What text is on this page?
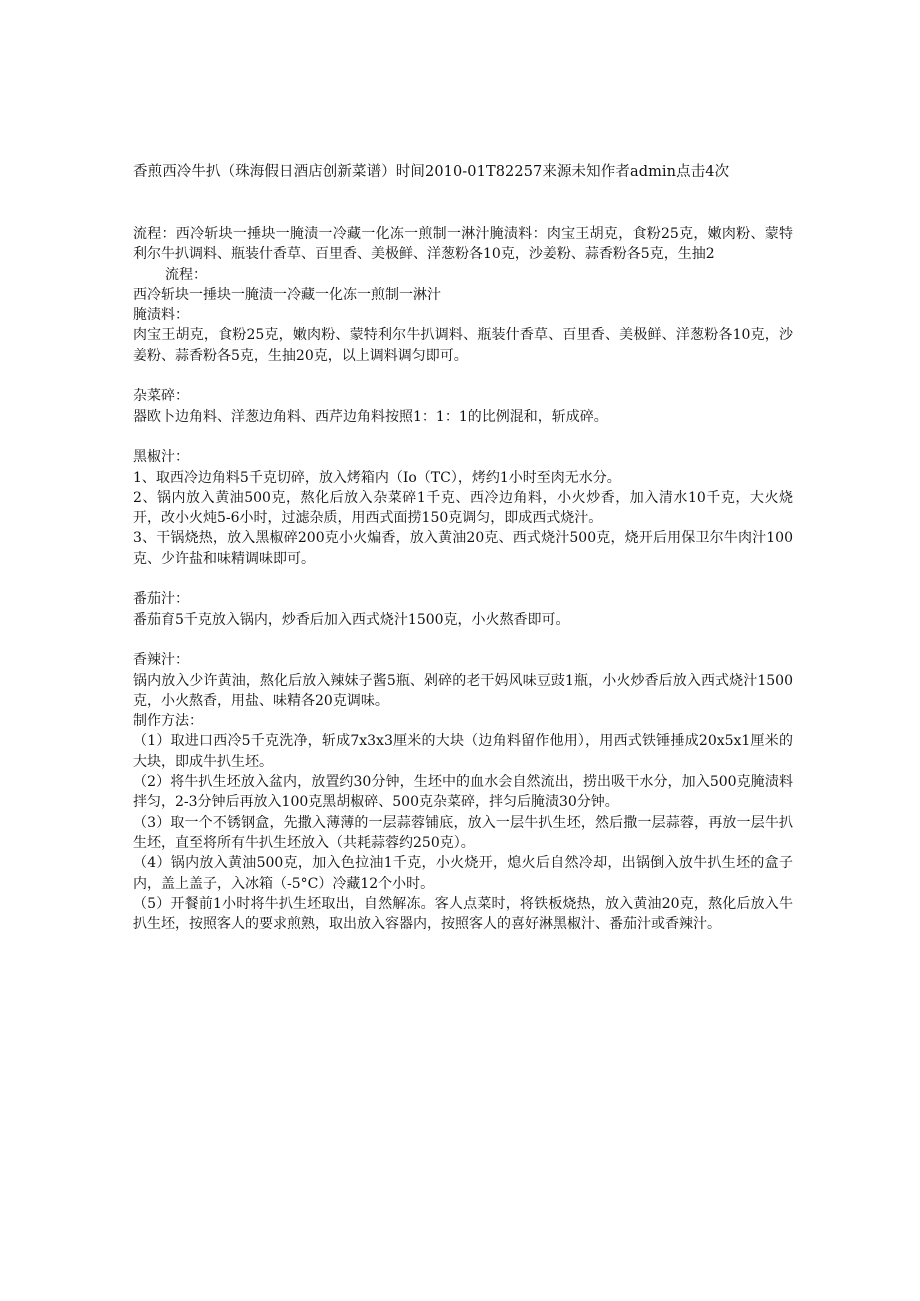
香煎西冷牛扒（珠海假日酒店创新菜谱）时间2010-01T82257来源未知作者admin点击4次

流程：西冷斩块一捶块一腌渍一冷藏一化冻一煎制一淋汁腌渍料：肉宝王胡克，食粉25克，嫩肉粉、蒙特利尔牛扒调料、瓶装什香草、百里香、美极鲜、洋葱粉各10克，沙姜粉、蒜香粉各5克，生抽2

流程：

西冷斩块一捶块一腌渍一冷藏一化冻一煎制一淋汁

腌渍料：

肉宝王胡克，食粉25克，嫩肉粉、蒙特利尔牛扒调料、瓶装什香草、百里香、美极鲜、洋葱粉各10克，沙姜粉、蒜香粉各5克，生抽20克，以上调料调匀即可。

杂菜碎：

器欧卜边角料、洋葱边角料、西芹边角料按照1：1：1的比例混和，斩成碎。

黑椒汁：

1、取西冷边角料5千克切碎，放入烤箱内（Io（TC），烤约1小时至肉无水分。

2、锅内放入黄油500克，熬化后放入杂菜碎1千克、西冷边角料，小火炒香，加入清水10千克，大火烧开，改小火炖5-6小时，过滤杂质，用西式面捞150克调匀，即成西式烧汁。

3、干锅烧热，放入黑椒碎200克小火煸香，放入黄油20克、西式烧汁500克，烧开后用保卫尔牛肉汁100克、少许盐和味精调味即可。

番茄汁：

番茄育5千克放入锅内，炒香后加入西式烧汁1500克，小火熬香即可。

香辣汁：

锅内放入少许黄油，熬化后放入辣妹子酱5瓶、剁碎的老干妈风味豆豉1瓶，小火炒香后放入西式烧汁1500克，小火熬香，用盐、味精各20克调味。

制作方法：

（1）取进口西冷5千克洗净，斩成7x3x3厘米的大块（边角料留作他用），用西式铁锤捶成20x5x1厘米的大块，即成牛扒生坯。

（2）将牛扒生坯放入盆内，放置约30分钟，生坯中的血水会自然流出，捞出吸干水分，加入500克腌渍料拌匀，2-3分钟后再放入100克黑胡椒碎、500克杂菜碎，拌匀后腌渍30分钟。

（3）取一个不锈钢盒，先撒入薄薄的一层蒜蓉铺底，放入一层牛扒生坯，然后撒一层蒜蓉，再放一层牛扒生坯，直至将所有牛扒生坯放入（共耗蒜蓉约250克）。

（4）锅内放入黄油500克，加入色拉油1千克，小火烧开，熄火后自然冷却，出锅倒入放牛扒生坯的盒子内，盖上盖子，入冰箱（-5°C）冷藏12个小时。

（5）开餐前1小时将牛扒生坯取出，自然解冻。客人点菜时，将铁板烧热，放入黄油20克，熬化后放入牛扒生坯，按照客人的要求煎熟，取出放入容器内，按照客人的喜好淋黑椒汁、番茄汁或香辣汁。
